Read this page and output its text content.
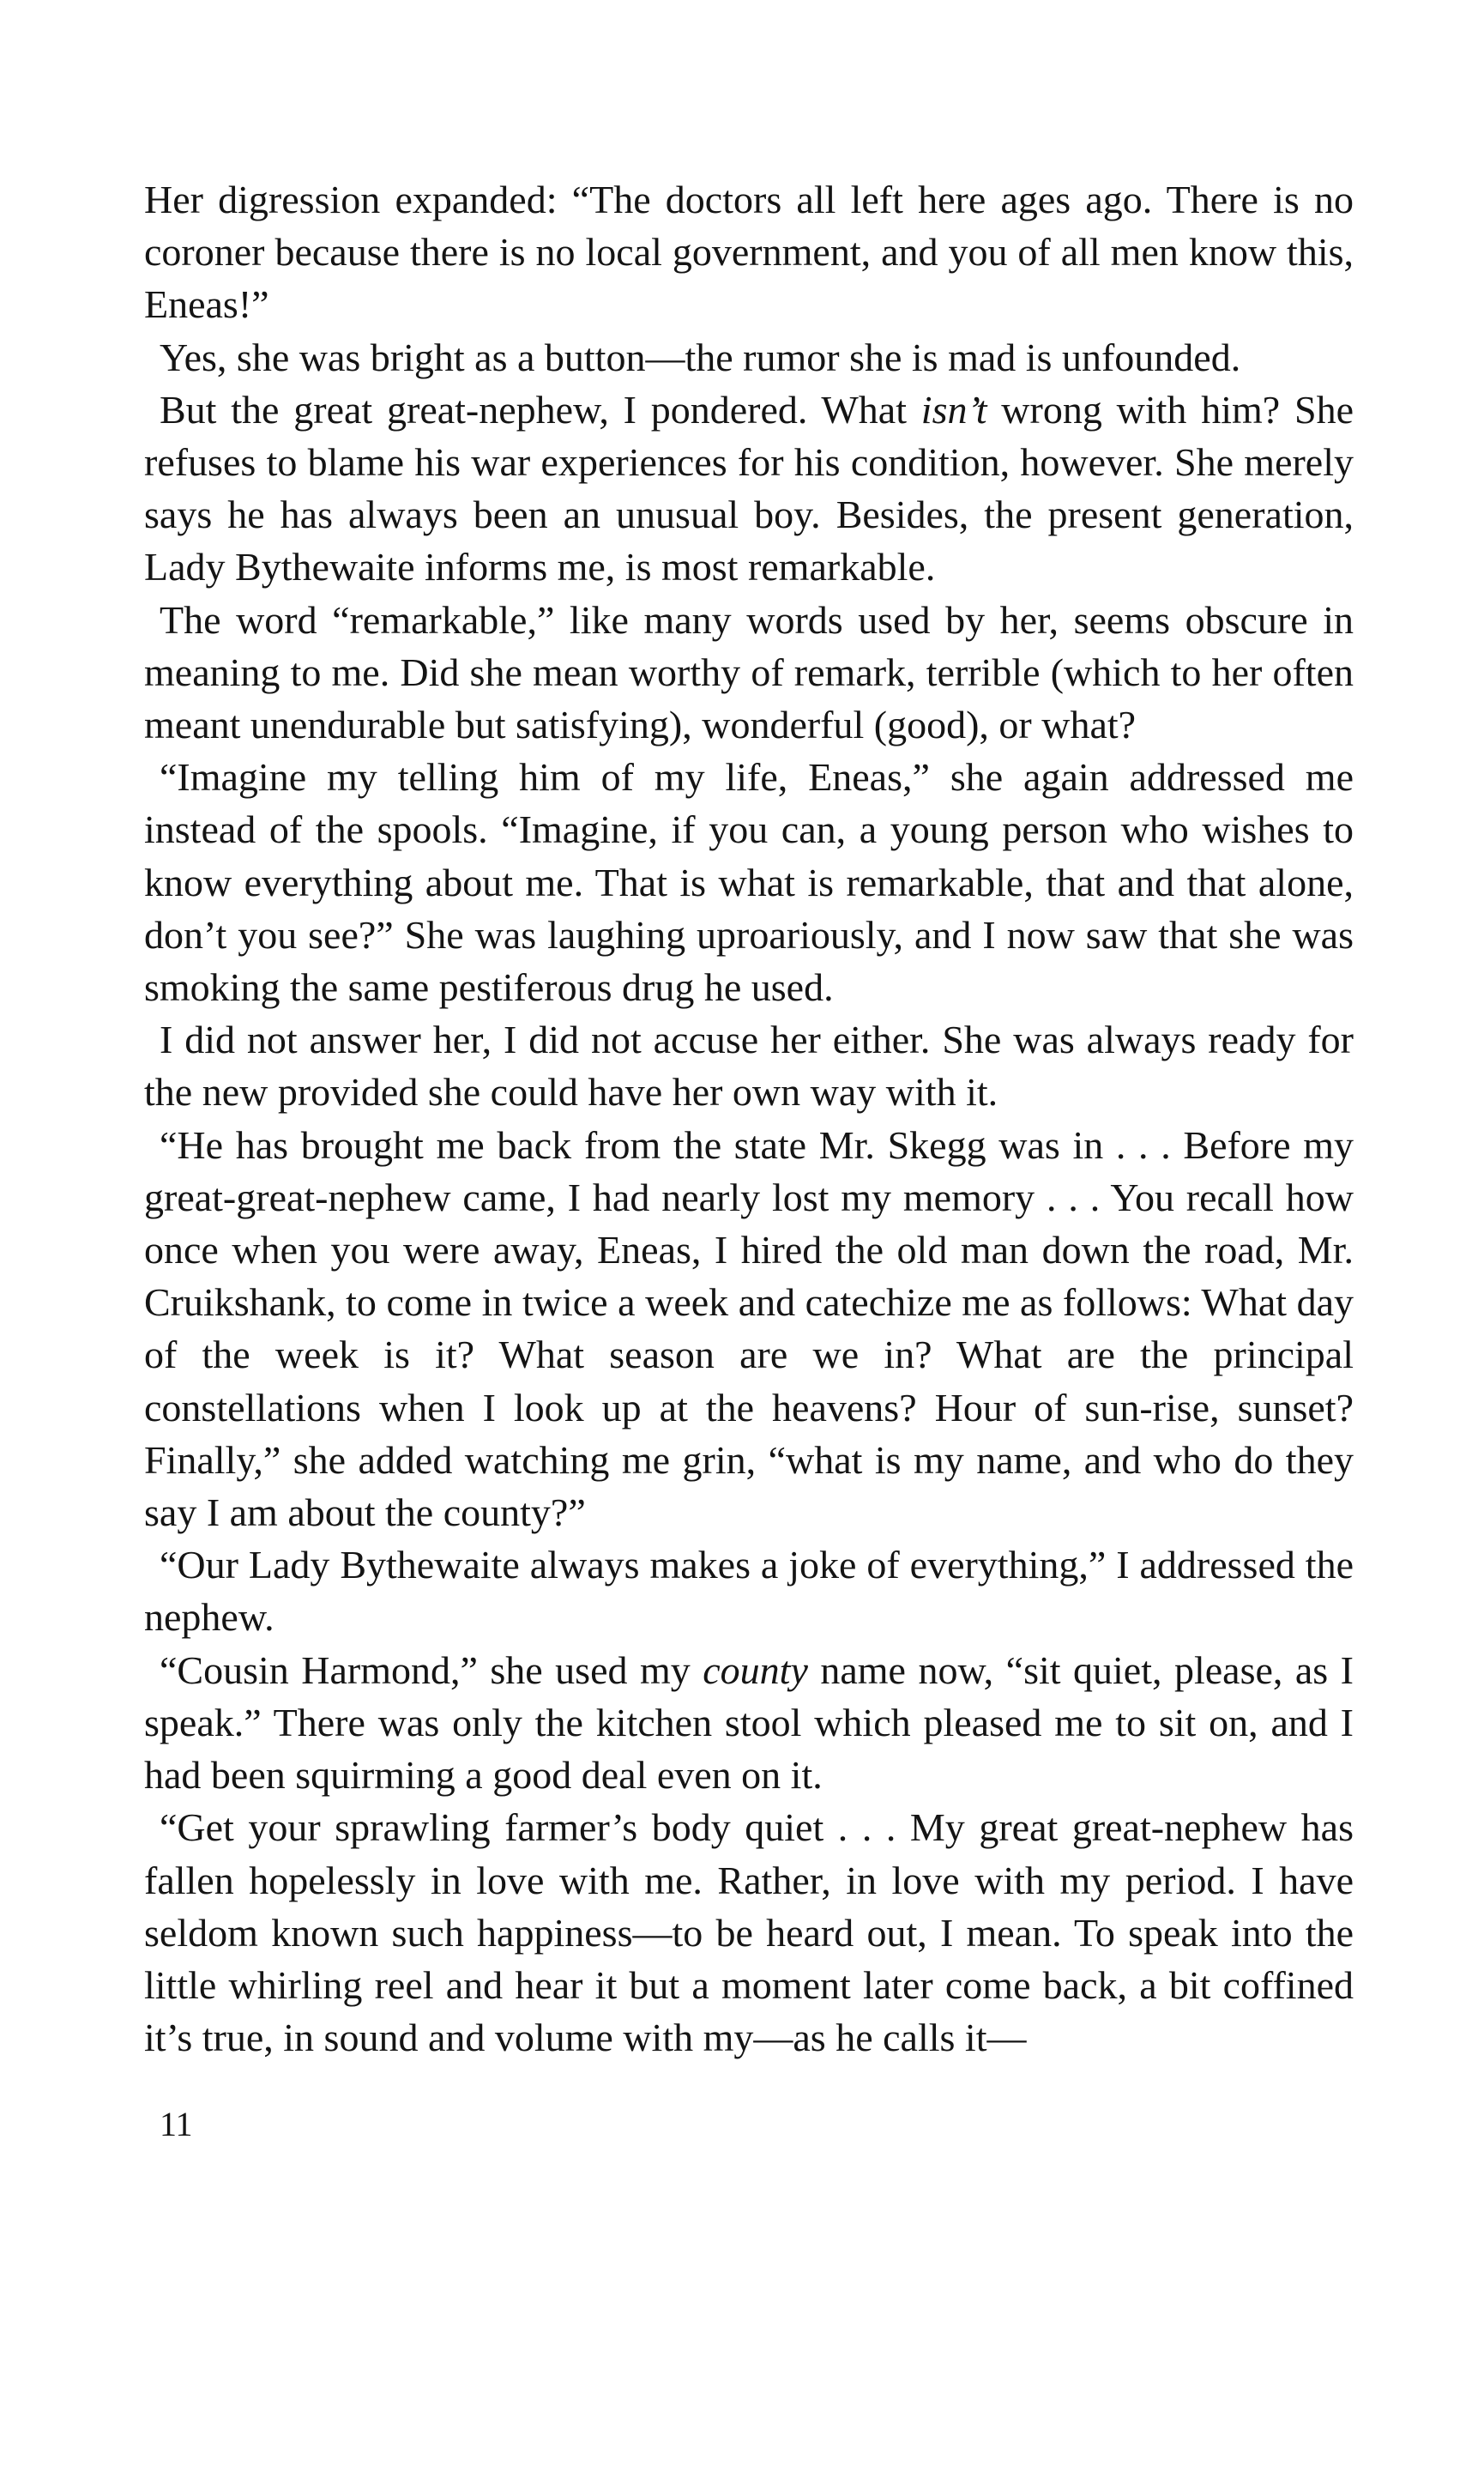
Her digression expanded: “The doctors all left here ages ago. There is no coroner because there is no local government, and you of all men know this, Eneas!”

Yes, she was bright as a button—the rumor she is mad is unfounded.

But the great great-nephew, I pondered. What isn’t wrong with him? She refuses to blame his war experiences for his condition, however. She merely says he has always been an unusual boy. Besides, the present generation, Lady Bythewaite informs me, is most remarkable.

The word “remarkable,” like many words used by her, seems obscure in meaning to me. Did she mean worthy of remark, terrible (which to her often meant unendurable but satisfying), wonderful (good), or what?

“Imagine my telling him of my life, Eneas,” she again addressed me instead of the spools. “Imagine, if you can, a young person who wishes to know everything about me. That is what is remarkable, that and that alone, don’t you see?” She was laughing uproariously, and I now saw that she was smoking the same pestiferous drug he used.

I did not answer her, I did not accuse her either. She was always ready for the new provided she could have her own way with it.

“He has brought me back from the state Mr. Skegg was in . . . Before my great-great-nephew came, I had nearly lost my memory . . . You recall how once when you were away, Eneas, I hired the old man down the road, Mr. Cruikshank, to come in twice a week and catechize me as follows: What day of the week is it? What season are we in? What are the principal constellations when I look up at the heavens? Hour of sun-rise, sunset? Finally,” she added watching me grin, “what is my name, and who do they say I am about the county?”

“Our Lady Bythewaite always makes a joke of everything,” I addressed the nephew.

“Cousin Harmond,” she used my county name now, “sit quiet, please, as I speak.” There was only the kitchen stool which pleased me to sit on, and I had been squirming a good deal even on it.

“Get your sprawling farmer’s body quiet . . . My great great-nephew has fallen hopelessly in love with me. Rather, in love with my period. I have seldom known such happiness—to be heard out, I mean. To speak into the little whirling reel and hear it but a moment later come back, a bit coffined it’s true, in sound and volume with my—as he calls it—

11
